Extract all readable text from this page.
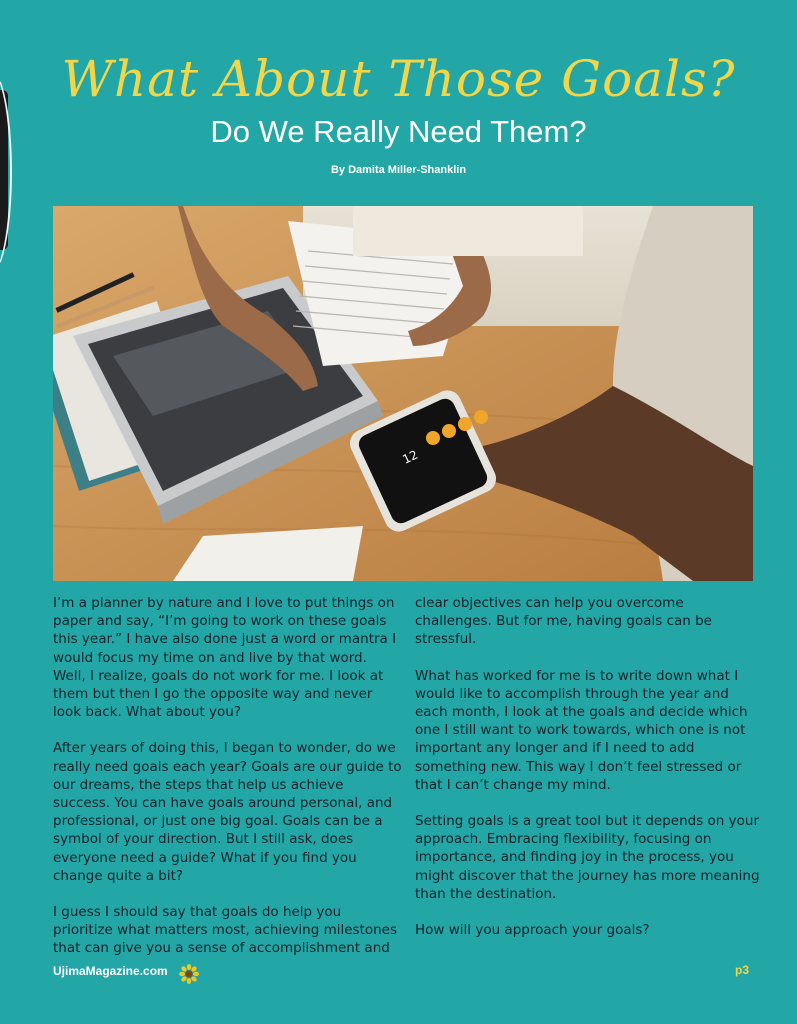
What About Those Goals?
Do We Really Need Them?
By Damita Miller-Shanklin
12

I’m a planner by nature and I love to put things on paper and say, “I’m going to work on these goals this year.” I have also done just a word or mantra I would focus my time on and live by that word. Well, I realize, goals do not work for me. I look at them but then I go the opposite way and never look back. What about you?

After years of doing this, I began to wonder, do we really need goals each year? Goals are our guide to our dreams, the steps that help us achieve success. You can have goals around personal, and professional, or just one big goal. Goals can be a symbol of your direction. But I still ask, does everyone need a guide? What if you find you change quite a bit?

I guess I should say that goals do help you prioritize what matters most, achieving milestones that can give you a sense of accomplishment and

clear objectives can help you overcome challenges. But for me, having goals can be stressful.

What has worked for me is to write down what I would like to accomplish through the year and each month, I look at the goals and decide which one I still want to work towards, which one is not important any longer and if I need to add something new. This way I don’t feel stressed or that I can’t change my mind.

Setting goals is a great tool but it depends on your approach. Embracing flexibility, focusing on importance, and finding joy in the process, you might discover that the journey has more meaning than the destination.

How will you approach your goals?

UjimaMagazine.com	p3
